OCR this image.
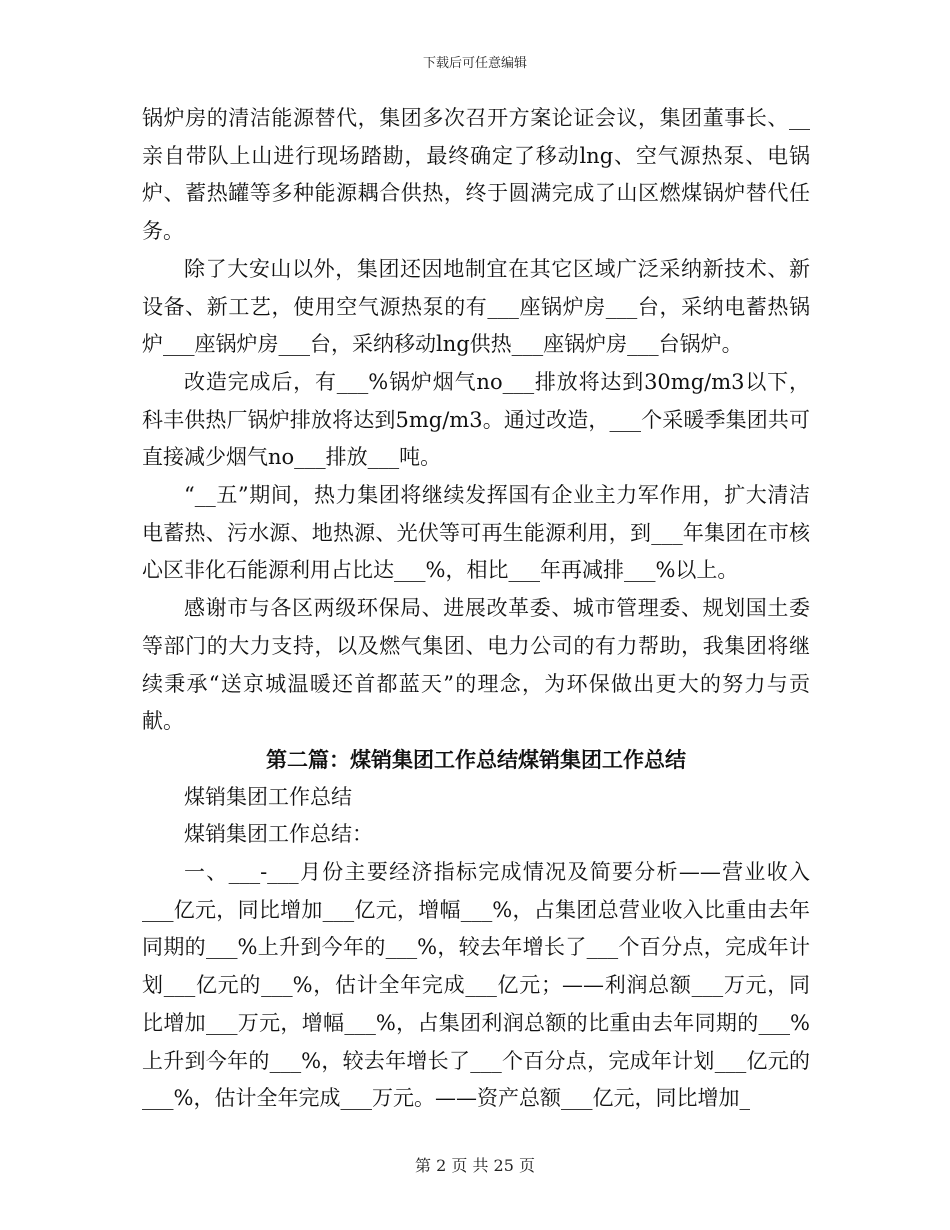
下载后可任意编辑

锅炉房的清洁能源替代，集团多次召开方案论证会议，集团董事长、__亲自带队上山进行现场踏勘，最终确定了移动lng、空气源热泵、电锅炉、蓄热罐等多种能源耦合供热，终于圆满完成了山区燃煤锅炉替代任务。

除了大安山以外，集团还因地制宜在其它区域广泛采纳新技术、新设备、新工艺，使用空气源热泵的有___座锅炉房___台，采纳电蓄热锅炉___座锅炉房___台，采纳移动lng供热___座锅炉房___台锅炉。

改造完成后，有___%锅炉烟气no___排放将达到30mg/m3以下，科丰供热厂锅炉排放将达到5mg/m3。通过改造，___个采暖季集团共可直接减少烟气no___排放___吨。

“__五”期间，热力集团将继续发挥国有企业主力军作用，扩大清洁电蓄热、污水源、地热源、光伏等可再生能源利用，到___年集团在市核心区非化石能源利用占比达___%，相比___年再减排___%以上。

感谢市与各区两级环保局、进展改革委、城市管理委、规划国土委等部门的大力支持，以及燃气集团、电力公司的有力帮助，我集团将继续秉承“送京城温暖还首都蓝天”的理念，为环保做出更大的努力与贡献。

第二篇：煤销集团工作总结煤销集团工作总结

煤销集团工作总结

煤销集团工作总结：

一、___-___月份主要经济指标完成情况及简要分析——营业收入___亿元，同比增加___亿元，增幅___%，占集团总营业收入比重由去年同期的___%上升到今年的___%，较去年增长了___个百分点，完成年计划___亿元的___%，估计全年完成___亿元；——利润总额___万元，同比增加___万元，增幅___%，占集团利润总额的比重由去年同期的___%上升到今年的___%，较去年增长了___个百分点，完成年计划___亿元的___%，估计全年完成___万元。——资产总额___亿元，同比增加_

第 2 页 共 25 页
